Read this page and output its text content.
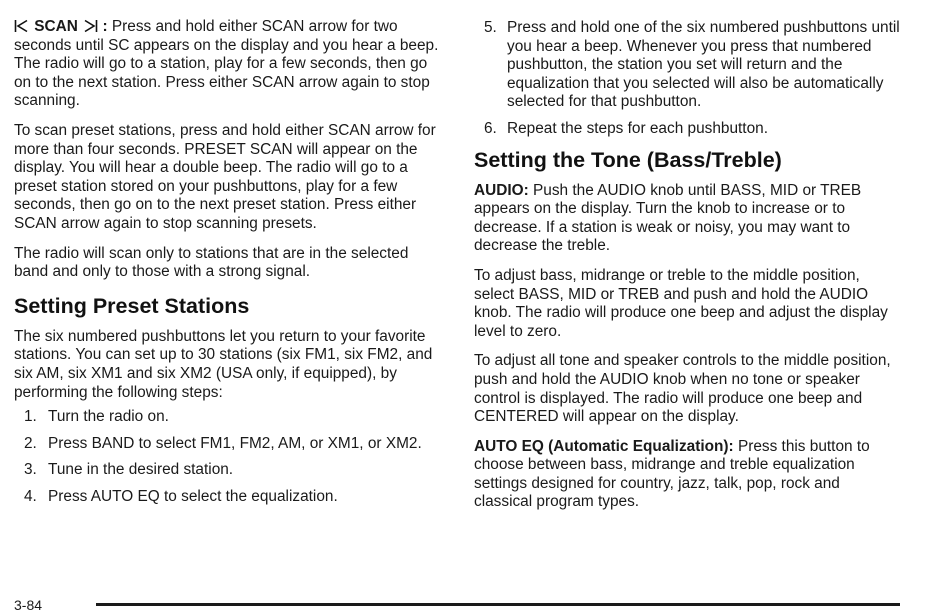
SCAN : Press and hold either SCAN arrow for two seconds until SC appears on the display and you hear a beep. The radio will go to a station, play for a few seconds, then go on to the next station. Press either SCAN arrow again to stop scanning.

To scan preset stations, press and hold either SCAN arrow for more than four seconds. PRESET SCAN will appear on the display. You will hear a double beep. The radio will go to a preset station stored on your pushbuttons, play for a few seconds, then go on to the next preset station. Press either SCAN arrow again to stop scanning presets.

The radio will scan only to stations that are in the selected band and only to those with a strong signal.

Setting Preset Stations

The six numbered pushbuttons let you return to your favorite stations. You can set up to 30 stations (six FM1, six FM2, and six AM, six XM1 and six XM2 (USA only, if equipped), by performing the following steps:

1. Turn the radio on.
2. Press BAND to select FM1, FM2, AM, or XM1, or XM2.
3. Tune in the desired station.
4. Press AUTO EQ to select the equalization.
5. Press and hold one of the six numbered pushbuttons until you hear a beep. Whenever you press that numbered pushbutton, the station you set will return and the equalization that you selected will also be automatically selected for that pushbutton.
6. Repeat the steps for each pushbutton.
Setting the Tone (Bass/Treble)

AUDIO: Push the AUDIO knob until BASS, MID or TREB appears on the display. Turn the knob to increase or to decrease. If a station is weak or noisy, you may want to decrease the treble.

To adjust bass, midrange or treble to the middle position, select BASS, MID or TREB and push and hold the AUDIO knob. The radio will produce one beep and adjust the display level to zero.

To adjust all tone and speaker controls to the middle position, push and hold the AUDIO knob when no tone or speaker control is displayed. The radio will produce one beep and CENTERED will appear on the display.

AUTO EQ (Automatic Equalization): Press this button to choose between bass, midrange and treble equalization settings designed for country, jazz, talk, pop, rock and classical program types.

3-84
